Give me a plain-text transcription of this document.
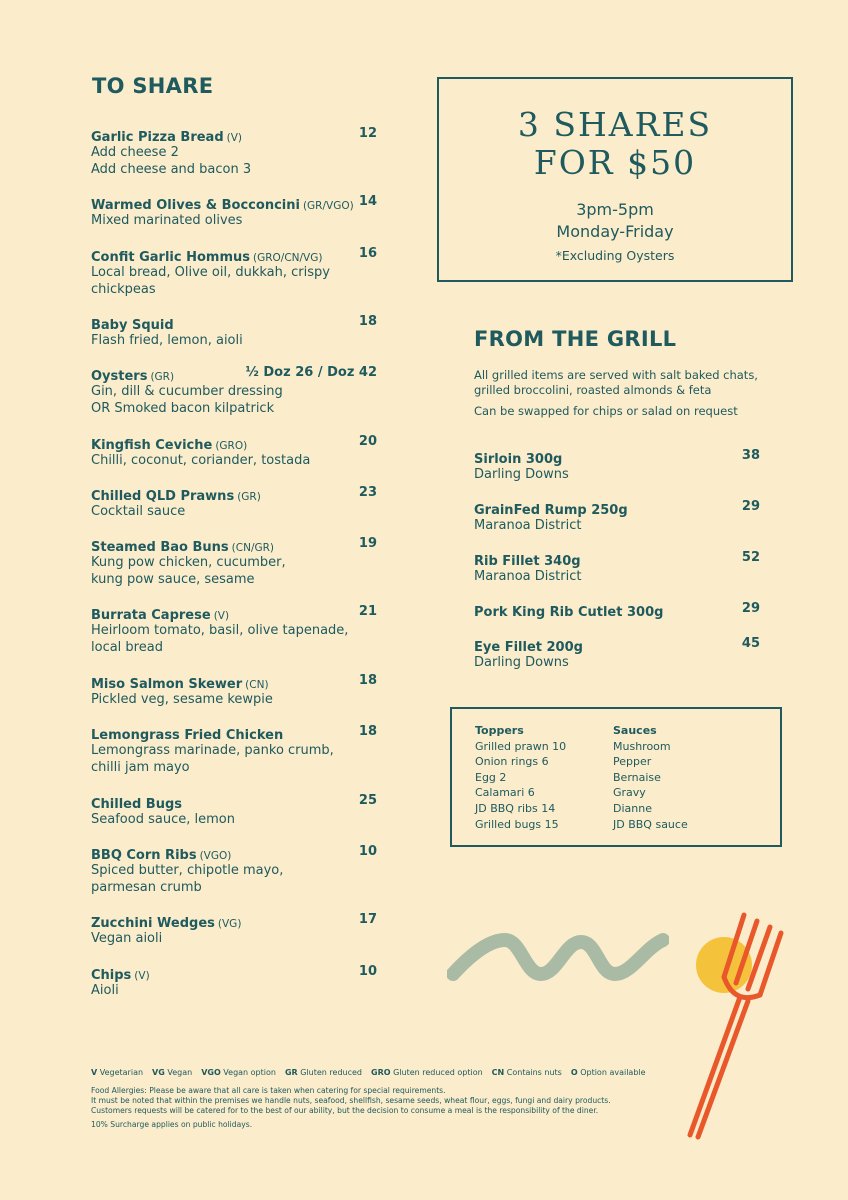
TO SHARE
Garlic Pizza Bread (V)	12
Add cheese 2
Add cheese and bacon 3
Warmed Olives & Bocconcini (GR/VGO) 14
Mixed marinated olives
Confit Garlic Hommus (GRO/CN/VG)	16
Local bread, Olive oil, dukkah, crispy
chickpeas
Baby Squid	18
Flash fried, lemon, aioli
Oysters (GR)	½ Doz 26 / Doz 42
Gin, dill & cucumber dressing
OR Smoked bacon kilpatrick
Kingfish Ceviche (GRO)	20
Chilli, coconut, coriander, tostada
Chilled QLD Prawns (GR)	23
Cocktail sauce
Steamed Bao Buns (CN/GR)	19
Kung pow chicken, cucumber,
kung pow sauce, sesame
Burrata Caprese (V)	21
Heirloom tomato, basil, olive tapenade,
local bread
Miso Salmon Skewer (CN)	18
Pickled veg, sesame kewpie
Lemongrass Fried Chicken	18
Lemongrass marinade, panko crumb,
chilli jam mayo
Chilled Bugs	25
Seafood sauce, lemon
BBQ Corn Ribs (VGO)	10
Spiced butter, chipotle mayo,
parmesan crumb
Zucchini Wedges (VG)	17
Vegan aioli
Chips (V)	10
Aioli
3 SHARES
FOR $50
3pm-5pm
Monday-Friday
*Excluding Oysters
FROM THE GRILL

All grilled items are served with salt baked chats,

grilled broccolini, roasted almonds & feta

Can be swapped for chips or salad on request

Sirloin 300g	38
Darling Downs
GrainFed Rump 250g	29
Maranoa District
Rib Fillet 340g	52
Maranoa District
Pork King Rib Cutlet 300g	29
Eye Fillet 200g	45
Darling Downs
Toppers
Grilled prawn 10
Onion rings 6
Egg 2
Calamari 6
JD BBQ ribs 14
Grilled bugs 15
Sauces
Mushroom
Pepper
Bernaise
Gravy
Dianne
JD BBQ sauce
V Vegetarian VG Vegan VGO Vegan option GR Gluten reduced GRO Gluten reduced option CN Contains nuts O Option available

Food Allergies: Please be aware that all care is taken when catering for special requirements.

It must be noted that within the premises we handle nuts, seafood, shellfish, sesame seeds, wheat flour, eggs, fungi and dairy products.

Customers requests will be catered for to the best of our ability, but the decision to consume a meal is the responsibility of the diner.

10% Surcharge applies on public holidays.
